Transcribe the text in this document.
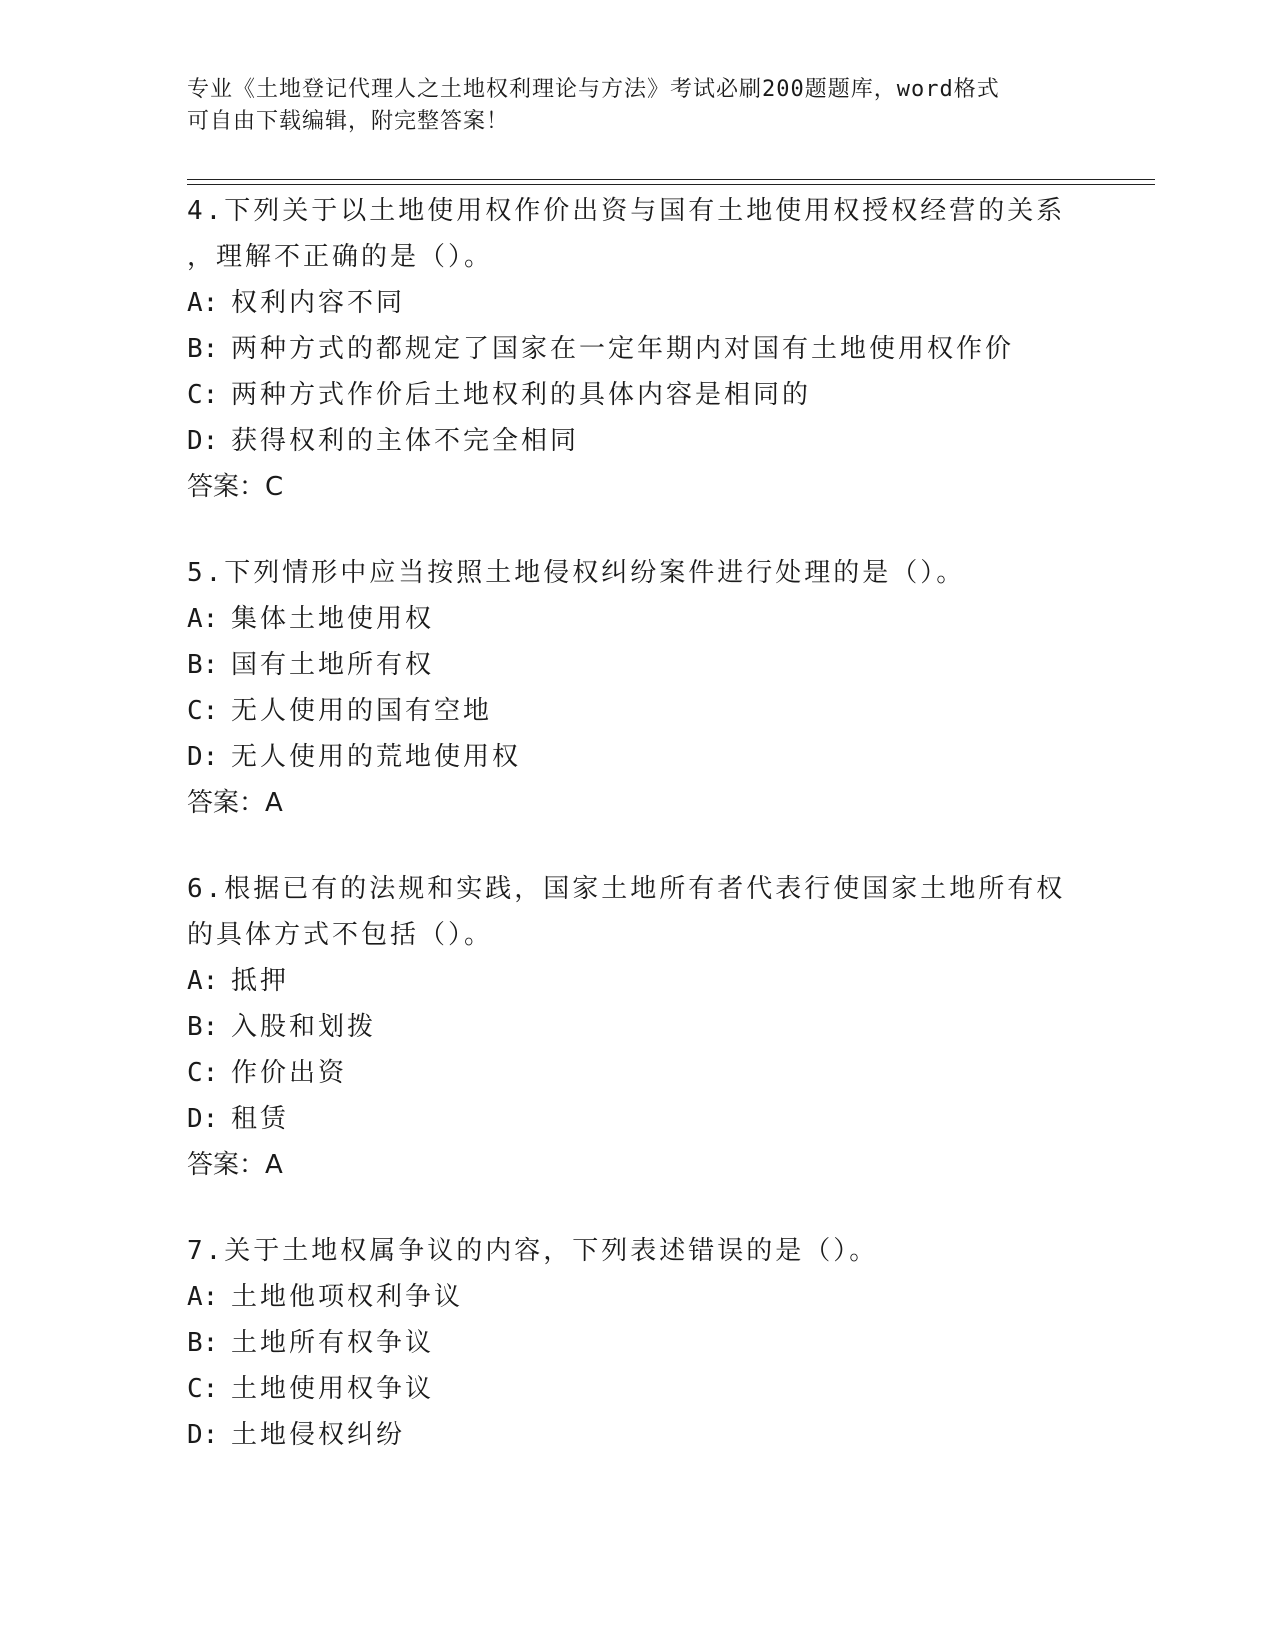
专业《土地登记代理人之土地权利理论与方法》考试必刷200题题库，word格式
可自由下载编辑，附完整答案！
4.下列关于以土地使用权作价出资与国有土地使用权授权经营的关系
，理解不正确的是（）。
A: 权利内容不同
B: 两种方式的都规定了国家在一定年期内对国有土地使用权作价
C: 两种方式作价后土地权利的具体内容是相同的
D: 获得权利的主体不完全相同
答案：C
5.下列情形中应当按照土地侵权纠纷案件进行处理的是（）。
A: 集体土地使用权
B: 国有土地所有权
C: 无人使用的国有空地
D: 无人使用的荒地使用权
答案：A
6.根据已有的法规和实践，国家土地所有者代表行使国家土地所有权
的具体方式不包括（）。
A: 抵押
B: 入股和划拨
C: 作价出资
D: 租赁
答案：A
7.关于土地权属争议的内容，下列表述错误的是（）。
A: 土地他项权利争议
B: 土地所有权争议
C: 土地使用权争议
D: 土地侵权纠纷
